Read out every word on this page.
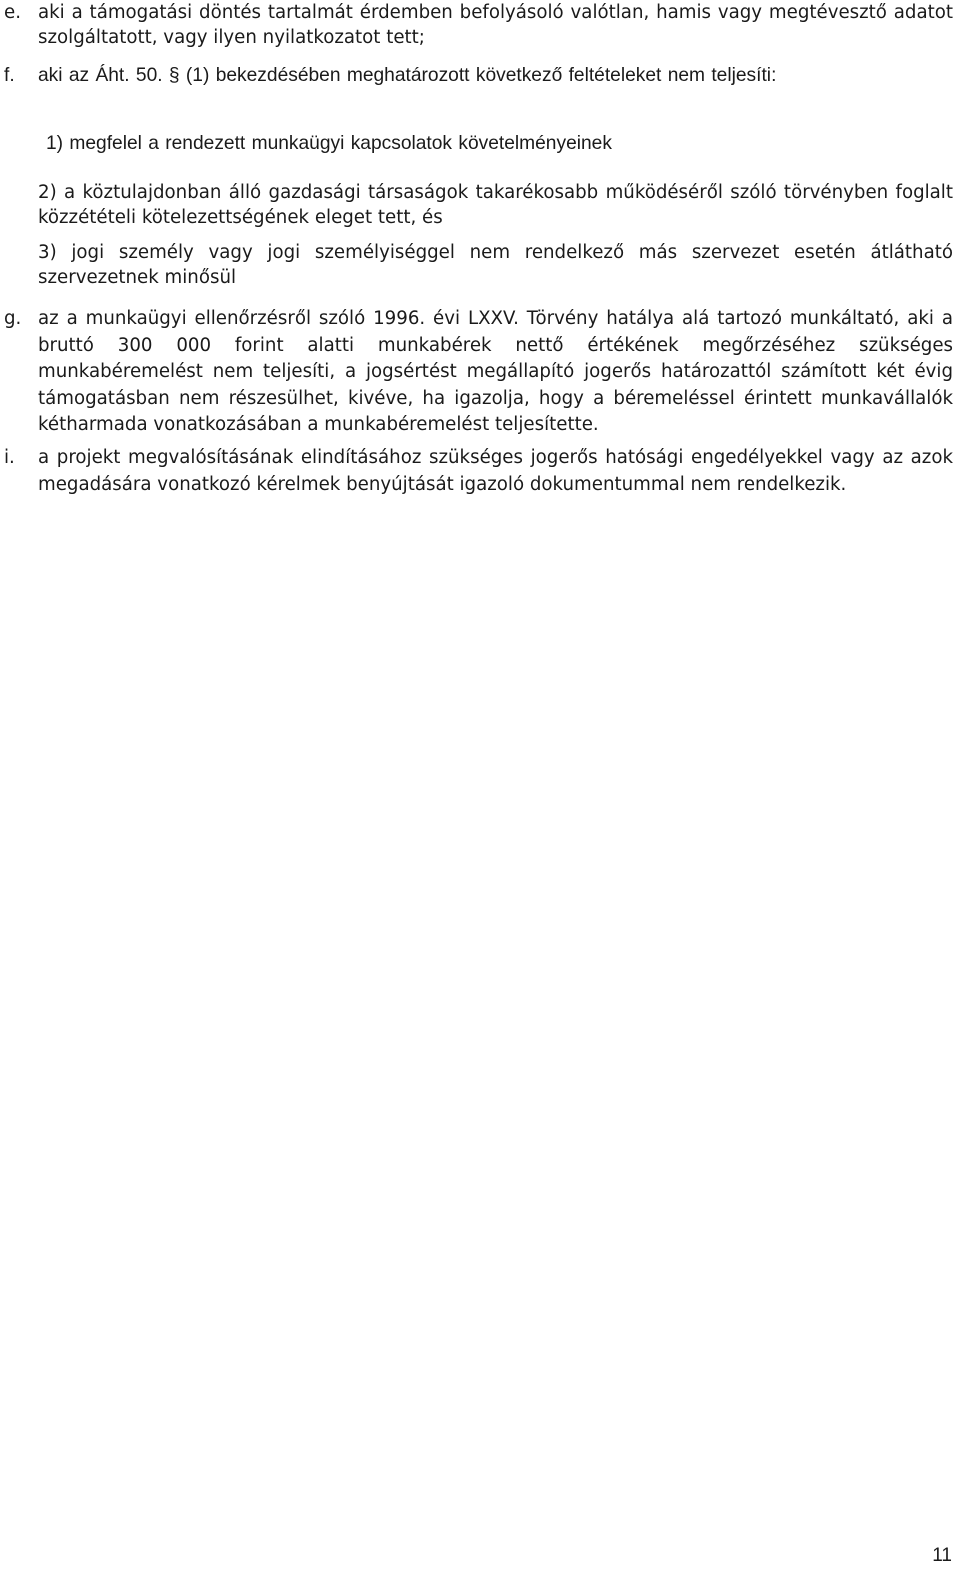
e. aki a támogatási döntés tartalmát érdemben befolyásoló valótlan, hamis vagy megtévesztő adatot szolgáltatott, vagy ilyen nyilatkozatot tett;
f. aki az Áht. 50. § (1) bekezdésében meghatározott következő feltételeket nem teljesíti:
1) megfelel a rendezett munkaügyi kapcsolatok követelményeinek
2) a köztulajdonban álló gazdasági társaságok takarékosabb működéséről szóló törvényben foglalt közzétételi kötelezettségének eleget tett, és
3) jogi személy vagy jogi személyiséggel nem rendelkező más szervezet esetén átlátható szervezetnek minősül
g. az a munkaügyi ellenőrzésről szóló 1996. évi LXXV. Törvény hatálya alá tartozó munkáltató, aki a bruttó 300 000 forint alatti munkabérek nettő értékének megőrzéséhez szükséges munkabéremelést nem teljesíti, a jogsértést megállapító jogerős határozattól számított két évig támogatásban nem részesülhet, kivéve, ha igazolja, hogy a béremeléssel érintett munkavállalók kétharmada vonatkozásában a munkabéremelést teljesítette.
i. a projekt megvalósításának elindításához szükséges jogerős hatósági engedélyekkel vagy az azok megadására vonatkozó kérelmek benyújtását igazoló dokumentummal nem rendelkezik.
11
